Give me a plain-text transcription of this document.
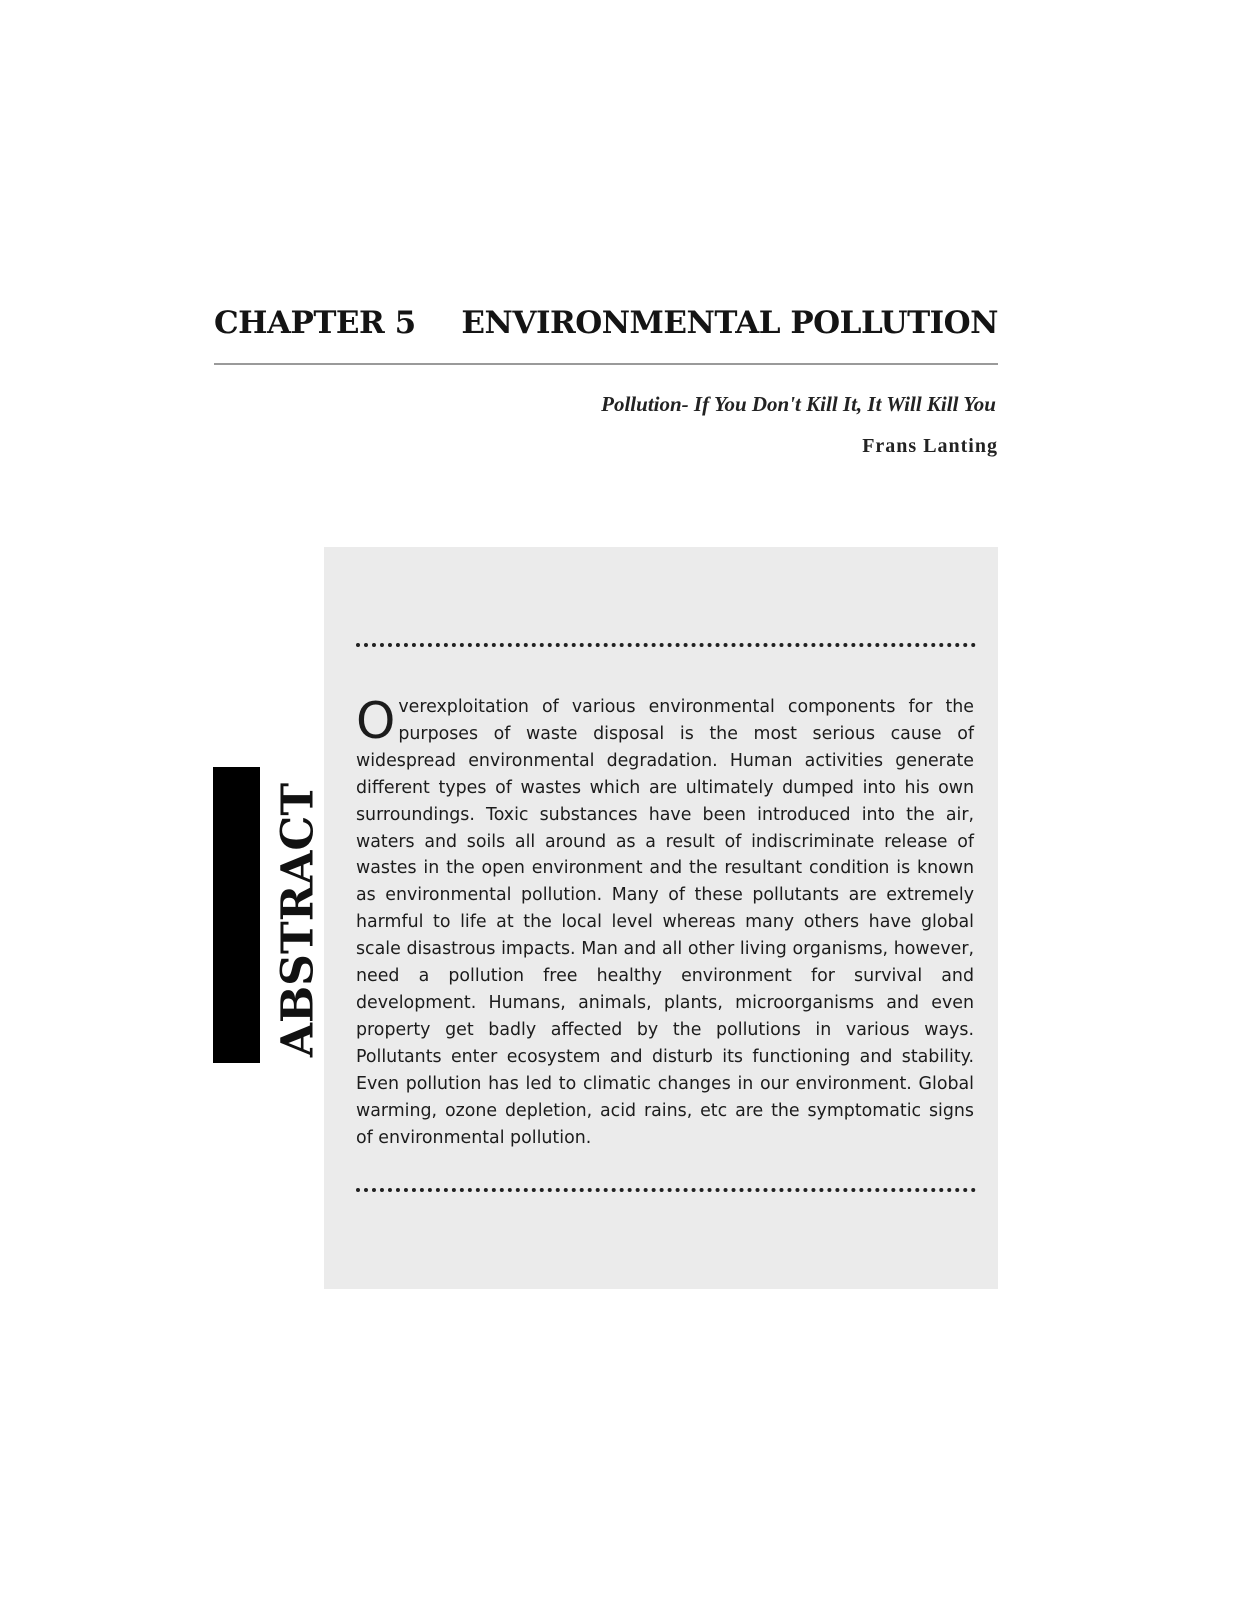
CHAPTER 5 ENVIRONMENTAL POLLUTION
Pollution- If You Don't Kill It, It Will Kill You
Frans Lanting
ABSTRACT

Overexploitation of various environmental components for the purposes of waste disposal is the most serious cause of widespread environmental degradation. Human activities generate different types of wastes which are ultimately dumped into his own surroundings. Toxic substances have been introduced into the air, waters and soils all around as a result of indiscriminate release of wastes in the open environment and the resultant condition is known as environmental pollution. Many of these pollutants are extremely harmful to life at the local level whereas many others have global scale disastrous impacts. Man and all other living organisms, however, need a pollution free healthy environment for survival and development. Humans, animals, plants, microorganisms and even property get badly affected by the pollutions in various ways. Pollutants enter ecosystem and disturb its functioning and stability. Even pollution has led to climatic changes in our environment. Global warming, ozone depletion, acid rains, etc are the symptomatic signs of environmental pollution.
